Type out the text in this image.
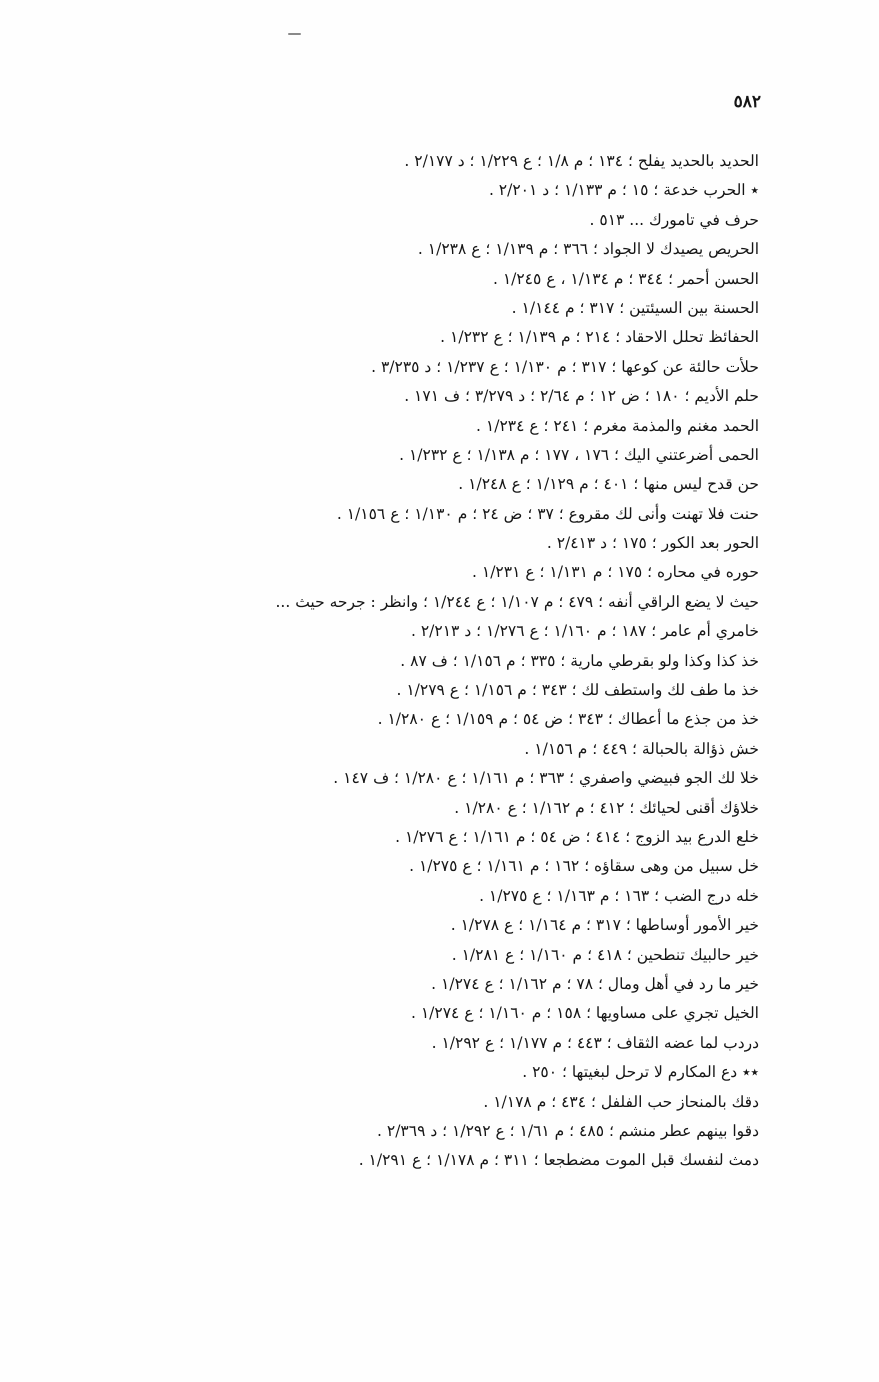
٥٨٢
الحديد بالحديد يفلح ؛ ١٣٤ ؛ م ١/٨ ؛ ع ١/٢٢٩ ؛ د ٢/١٧٧ .
٭ الحرب خدعة ؛ ١٥ ؛ م ١/١٣٣ ؛ د ٢/٢٠١ .
حرف في تامورك ... ٥١٣ .
الحريص يصيدك لا الجواد ؛ ٣٦٦ ؛ م ١/١٣٩ ؛ ع ١/٢٣٨ .
الحسن أحمر ؛ ٣٤٤ ؛ م ١/١٣٤ ، ع ١/٢٤٥ .
الحسنة بين السيئتين ؛ ٣١٧ ؛ م ١/١٤٤ .
الحفائظ تحلل الاحقاد ؛ ٢١٤ ؛ م ١/١٣٩ ؛ ع ١/٢٣٢ .
حلأت حالئة عن كوعها ؛ ٣١٧ ؛ م ١/١٣٠ ؛ ع ١/٢٣٧ ؛ د ٣/٢٣٥ .
حلم الأديم ؛ ١٨٠ ؛ ض ١٢ ؛ م ٢/٦٤ ؛ د ٣/٢٧٩ ؛ ف ١٧١ .
الحمد مغنم والمذمة مغرم ؛ ٢٤١ ؛ ع ١/٢٣٤ .
الحمى أضرعتني اليك ؛ ١٧٦ ، ١٧٧ ؛ م ١/١٣٨ ؛ ع ١/٢٣٢ .
حن قدح ليس منها ؛ ٤٠١ ؛ م ١/١٢٩ ؛ ع ١/٢٤٨ .
حنت فلا تهنت وأنى لك مقروع ؛ ٣٧ ؛ ض ٢٤ ؛ م ١/١٣٠ ؛ ع ١/١٥٦ .
الحور بعد الكور ؛ ١٧٥ ؛ د ٢/٤١٣ .
حوره في محاره ؛ ١٧٥ ؛ م ١/١٣١ ؛ ع ١/٢٣١ .
حيث لا يضع الراقي أنفه ؛ ٤٧٩ ؛ م ١/١٠٧ ؛ ع ١/٢٤٤ ؛ وانظر : جرحه حيث ...
خامري أم عامر ؛ ١٨٧ ؛ م ١/١٦٠ ؛ ع ١/٢٧٦ ؛ د ٢/٢١٣ .
خذ كذا وكذا ولو بقرطي مارية ؛ ٣٣٥ ؛ م ١/١٥٦ ؛ ف ٨٧ .
خذ ما طف لك واستطف لك ؛ ٣٤٣ ؛ م ١/١٥٦ ؛ ع ١/٢٧٩ .
خذ من جذع ما أعطاك ؛ ٣٤٣ ؛ ض ٥٤ ؛ م ١/١٥٩ ؛ ع ١/٢٨٠ .
خش ذؤالة بالحبالة ؛ ٤٤٩ ؛ م ١/١٥٦ .
خلا لك الجو فبيضي واصفري ؛ ٣٦٣ ؛ م ١/١٦١ ؛ ع ١/٢٨٠ ؛ ف ١٤٧ .
خلاؤك أقنى لحيائك ؛ ٤١٢ ؛ م ١/١٦٢ ؛ ع ١/٢٨٠ .
خلع الدرع بيد الزوج ؛ ٤١٤ ؛ ض ٥٤ ؛ م ١/١٦١ ؛ ع ١/٢٧٦ .
خل سبيل من وهى سقاؤه ؛ ١٦٢ ؛ م ١/١٦١ ؛ ع ١/٢٧٥ .
خله درج الضب ؛ ١٦٣ ؛ م ١/١٦٣ ؛ ع ١/٢٧٥ .
خير الأمور أوساطها ؛ ٣١٧ ؛ م ١/١٦٤ ؛ ع ١/٢٧٨ .
خير حالبيك تنطحين ؛ ٤١٨ ؛ م ١/١٦٠ ؛ ع ١/٢٨١ .
خير ما رد في أهل ومال ؛ ٧٨ ؛ م ١/١٦٢ ؛ ع ١/٢٧٤ .
الخيل تجري على مساويها ؛ ١٥٨ ؛ م ١/١٦٠ ؛ ع ١/٢٧٤ .
دردب لما عضه الثقاف ؛ ٤٤٣ ؛ م ١/١٧٧ ؛ ع ١/٢٩٢ .
٭٭ دع المكارم لا ترحل لبغيتها ؛ ٢٥٠ .
دقك بالمنحاز حب الفلفل ؛ ٤٣٤ ؛ م ١/١٧٨ .
دقوا بينهم عطر منشم ؛ ٤٨٥ ؛ م ١/٦١ ؛ ع ١/٢٩٢ ؛ د ٢/٣٦٩ .
دمث لنفسك قبل الموت مضطجعا ؛ ٣١١ ؛ م ١/١٧٨ ؛ ع ١/٢٩١ .
